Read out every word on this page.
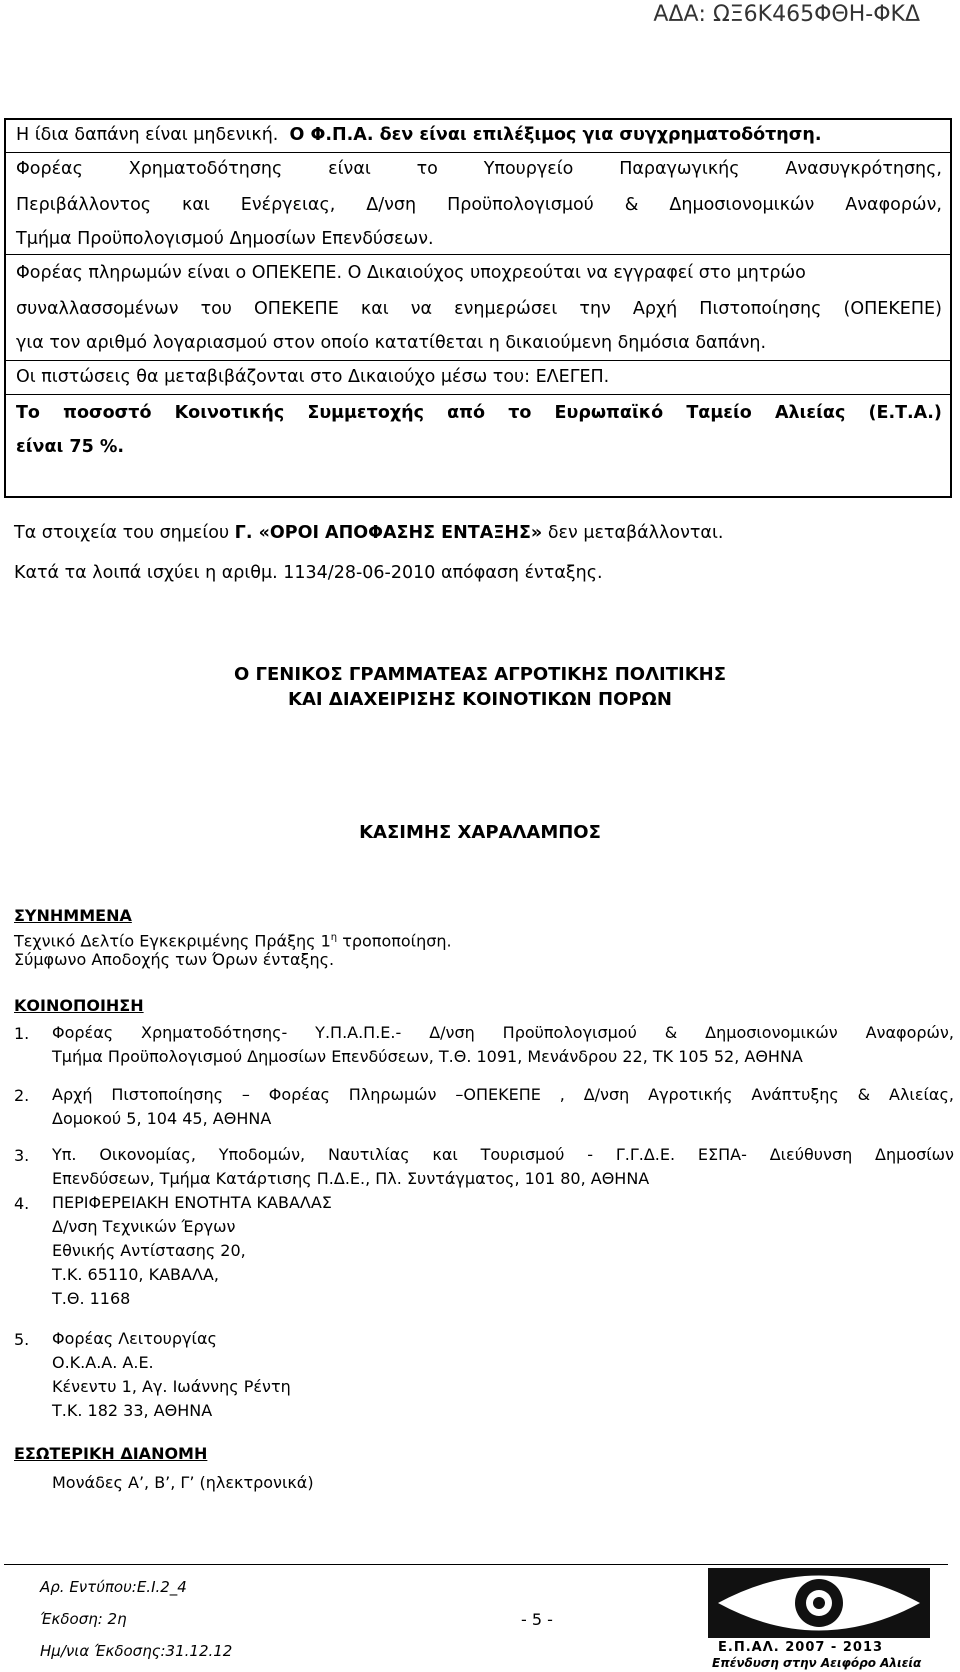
ΑΔΑ: ΩΞ6Κ465ΦΘΗ-ΦΚΔ
Η ίδια δαπάνη είναι μηδενική. Ο Φ.Π.Α. δεν είναι επιλέξιμος για συγχρηματοδότηση.
Φορέας	Χρηματοδότησης	είναι	το	Υπουργείο	Παραγωγικής	Ανασυγκρότησης,
Περιβάλλοντος και Ενέργειας, Δ/νση Προϋπολογισμού & Δημοσιονομικών Αναφορών,
Τμήμα Προϋπολογισμού Δημοσίων Επενδύσεων.
Φορέας πληρωμών είναι ο ΟΠΕΚΕΠΕ. Ο Δικαιούχος υποχρεούται να εγγραφεί στο μητρώο
συναλλασσομένων του ΟΠΕΚΕΠΕ και να ενημερώσει την Αρχή Πιστοποίησης (ΟΠΕΚΕΠΕ)
για τον αριθμό λογαριασμού στον οποίο κατατίθεται η δικαιούμενη δημόσια δαπάνη.
Οι πιστώσεις θα μεταβιβάζονται στο Δικαιούχο μέσω του: ΕΛΕΓΕΠ.
Το ποσοστό Κοινοτικής Συμμετοχής από το Ευρωπαϊκό Ταμείο Αλιείας (Ε.Τ.Α.)
είναι 75 %.
Τα στοιχεία του σημείου Γ. «ΟΡΟΙ ΑΠΟΦΑΣΗΣ ΕΝΤΑΞΗΣ» δεν μεταβάλλονται.
Κατά τα λοιπά ισχύει η αριθμ. 1134/28-06-2010 απόφαση ένταξης.
Ο ΓΕΝΙΚΟΣ ΓΡΑΜΜΑΤΕΑΣ ΑΓΡΟΤΙΚΗΣ ΠΟΛΙΤΙΚΗΣ
ΚΑΙ ΔΙΑΧΕΙΡΙΣΗΣ ΚΟΙΝΟΤΙΚΩΝ ΠΟΡΩΝ
ΚΑΣΙΜΗΣ ΧΑΡΑΛΑΜΠΟΣ
ΣΥΝΗΜΜΕΝΑ
Τεχνικό Δελτίο Εγκεκριμένης Πράξης $1^\eta$ τροποποίηση.
Σύμφωνο Αποδοχής των Όρων ένταξης.
ΚΟΙΝΟΠΟΙΗΣΗ
1. Φορέας Χρηματοδότησης- Υ.Π.Α.Π.Ε.- Δ/νση Προϋπολογισμού & Δημοσιονομικών Αναφορών,
Τμήμα Προϋπολογισμού Δημοσίων Επενδύσεων, Τ.Θ. 1091, Μενάνδρου 22, ΤΚ 105 52, ΑΘΗΝΑ
2. Αρχή Πιστοποίησης – Φορέας Πληρωμών –ΟΠΕΚΕΠΕ , Δ/νση Αγροτικής Ανάπτυξης & Αλιείας,
Δομοκού 5, 104 45, ΑΘΗΝΑ
3. Υπ. Οικονομίας, Υποδομών, Ναυτιλίας και Τουρισμού - Γ.Γ.Δ.Ε. ΕΣΠΑ- Διεύθυνση Δημοσίων
Επενδύσεων, Τμήμα Κατάρτισης Π.Δ.Ε., Πλ. Συντάγματος, 101 80, ΑΘΗΝΑ
4. ΠΕΡΙΦΕΡΕΙΑΚΗ ΕΝΟΤΗΤΑ ΚΑΒΑΛΑΣ
Δ/νση Τεχνικών Έργων
Εθνικής Αντίστασης 20,
Τ.Κ. 65110, ΚΑΒΑΛΑ,
Τ.Θ. 1168
5. Φορέας Λειτουργίας
Ο.Κ.Α.Α. Α.Ε.
Κένεντυ 1, Αγ. Ιωάννης Ρέντη
Τ.Κ. 182 33, ΑΘΗΝΑ
ΕΣΩΤΕΡΙΚΗ ΔΙΑΝΟΜΗ
Μονάδες Α’, Β’, Γ’ (ηλεκτρονικά)
Αρ. Εντύπου:Ε.Ι.2_4
Έκδοση: 2η
Ημ/νια Έκδοσης:31.12.12
- 5 -
Ε.Π.ΑΛ. 2007 - 2013
Επένδυση στην Αειφόρο Αλιεία
